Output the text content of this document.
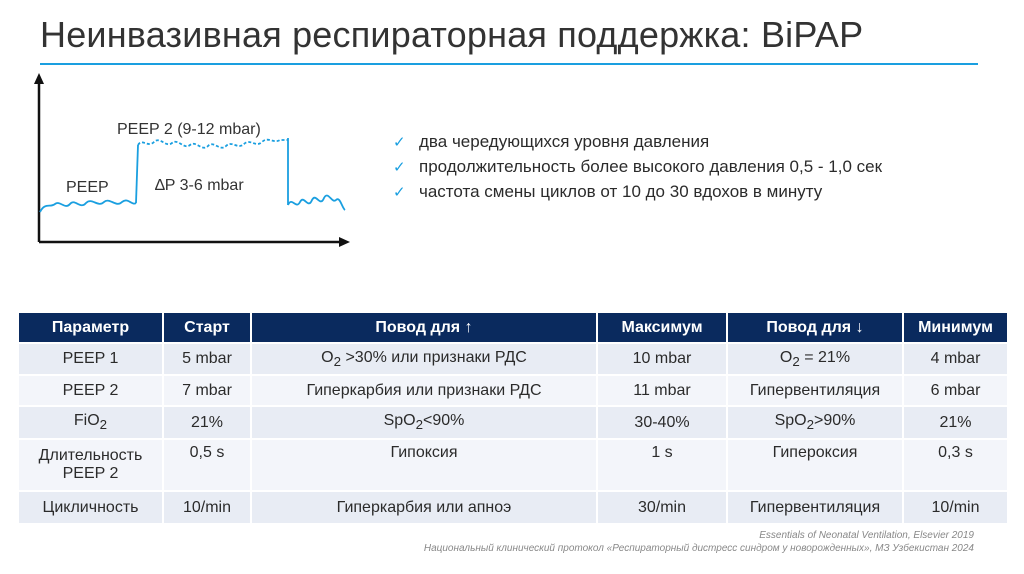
Неинвазивная респираторная поддержка: BiPAP
PEEP
PEEP 2 (9-12 mbar)
∆P 3-6 mbar
✓ два чередующихся уровня давления
✓ продолжительность более высокого давления 0,5 - 1,0 сек
✓ частота смены циклов от 10 до 30 вдохов в минуту
Параметр	Старт	Повод для ↑	Максимум	Повод для ↓	Минимум
PEEP 1	5 mbar	$O_2 >30\%$ или признаки РДС	10 mbar	$O_2 = 21\%$	4 mbar
PEEP 2	7 mbar	Гиперкарбия или признаки РДС	11 mbar	Гипервентиляция	6 mbar
FiO$_2$	21%	SpO$_2$<90%	30-40%	SpO$_2$>90%	21%
Длительность PEEP 2	0,5 s	Гипоксия	1 s	Гипероксия	0,3 s
Цикличность	10/min	Гиперкарбия или апноэ	30/min	Гипервентиляция	10/min
Essentials of Neonatal Ventilation, Elsevier 2019
Национальный клинический протокол «Респираторный дистресс синдром у новорожденных», МЗ Узбекистан 2024
